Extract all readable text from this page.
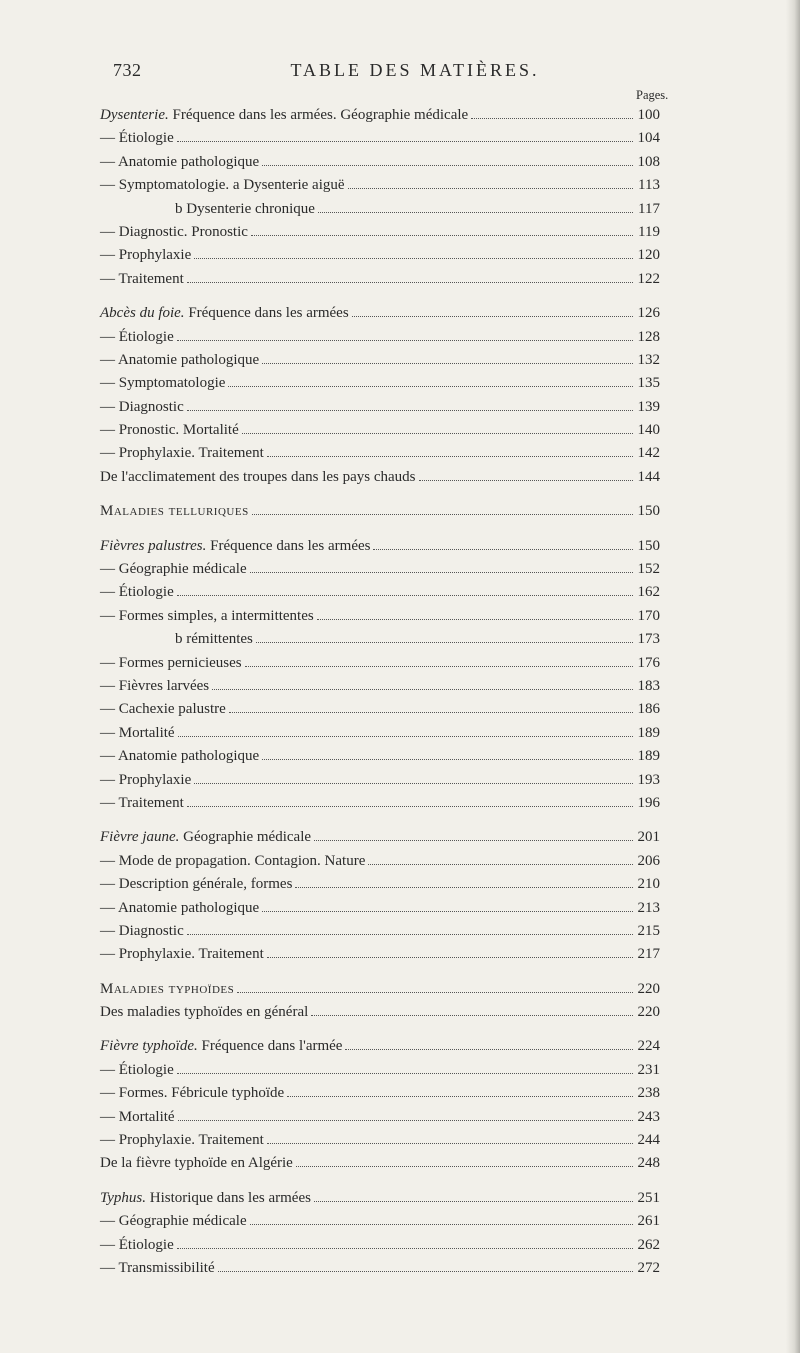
732	TABLE DES MATIÈRES.
Pages.
Dysenterie. Fréquence dans les armées. Géographie médicale	100
— Étiologie	104
— Anatomie pathologique	108
— Symptomatologie. a Dysenterie aiguë	113
b Dysenterie chronique	117
— Diagnostic. Pronostic	119
— Prophylaxie	120
— Traitement	122
Abcès du foie. Fréquence dans les armées	126
— Étiologie	128
— Anatomie pathologique	132
— Symptomatologie	135
— Diagnostic	139
— Pronostic. Mortalité	140
— Prophylaxie. Traitement	142
De l'acclimatement des troupes dans les pays chauds	144
Maladies telluriques	150
Fièvres palustres. Fréquence dans les armées	150
— Géographie médicale	152
— Étiologie	162
— Formes simples, a intermittentes	170
b rémittentes	173
— Formes pernicieuses	176
— Fièvres larvées	183
— Cachexie palustre	186
— Mortalité	189
— Anatomie pathologique	189
— Prophylaxie	193
— Traitement	196
Fièvre jaune. Géographie médicale	201
— Mode de propagation. Contagion. Nature	206
— Description générale, formes	210
— Anatomie pathologique	213
— Diagnostic	215
— Prophylaxie. Traitement	217
Maladies typhoïdes	220
Des maladies typhoïdes en général	220
Fièvre typhoïde. Fréquence dans l'armée	224
— Étiologie	231
— Formes. Fébricule typhoïde	238
— Mortalité	243
— Prophylaxie. Traitement	244
De la fièvre typhoïde en Algérie	248
Typhus. Historique dans les armées	251
— Géographie médicale	261
— Étiologie	262
— Transmissibilité	272
